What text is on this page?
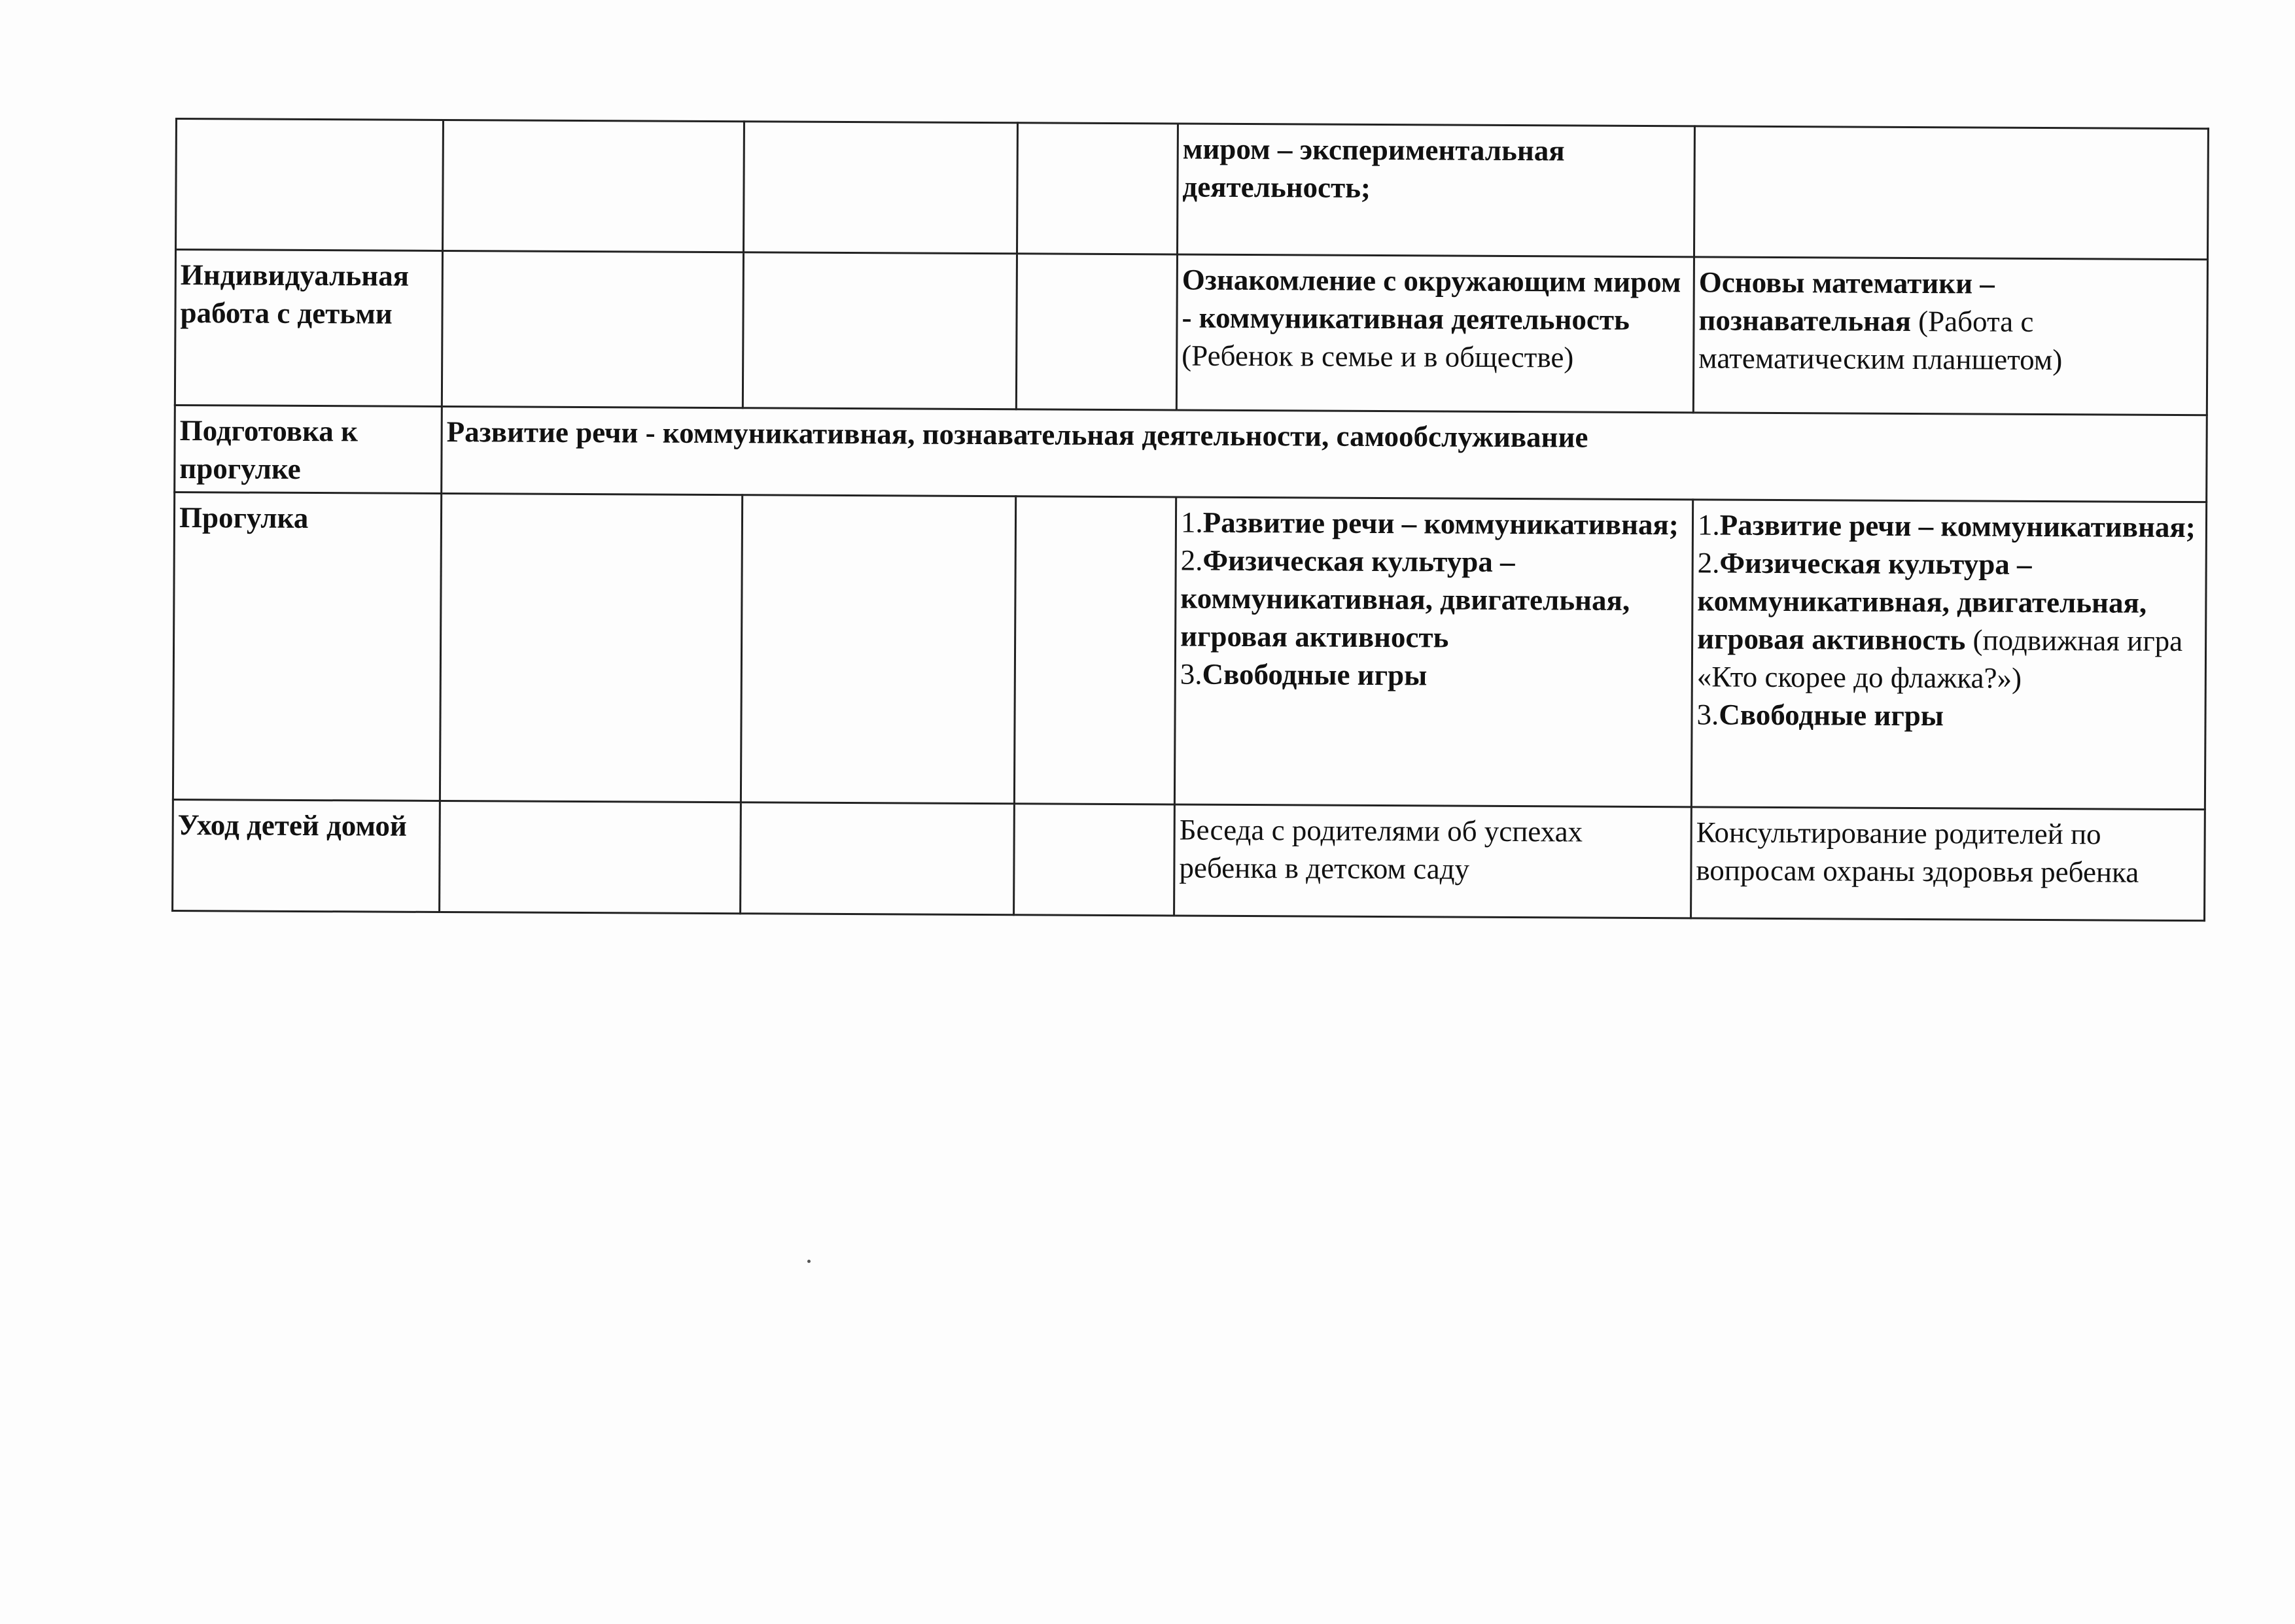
				миром – экспериментальная деятельность;	
Индивидуальная работа с детьми				Ознакомление с окружающим миром - коммуникативная деятельность (Ребенок в семье и в обществе)	Основы математики – познавательная (Работа с математическим планшетом)
Подготовка к прогулке	Развитие речи - коммуникативная, познавательная деятельности, самообслуживание				
Прогулка				1.Развитие речи – коммуникативная;
2.Физическая культура – коммуникативная, двигательная, игровая активность
3.Свободные игры	1.Развитие речи – коммуникативная;
2.Физическая культура – коммуникативная, двигательная, игровая активность (подвижная игра «Кто скорее до флажка?»)
3.Свободные игры
Уход детей домой				Беседа с родителями об успехах ребенка в детском саду	Консультирование родителей по вопросам охраны здоровья ребенка
